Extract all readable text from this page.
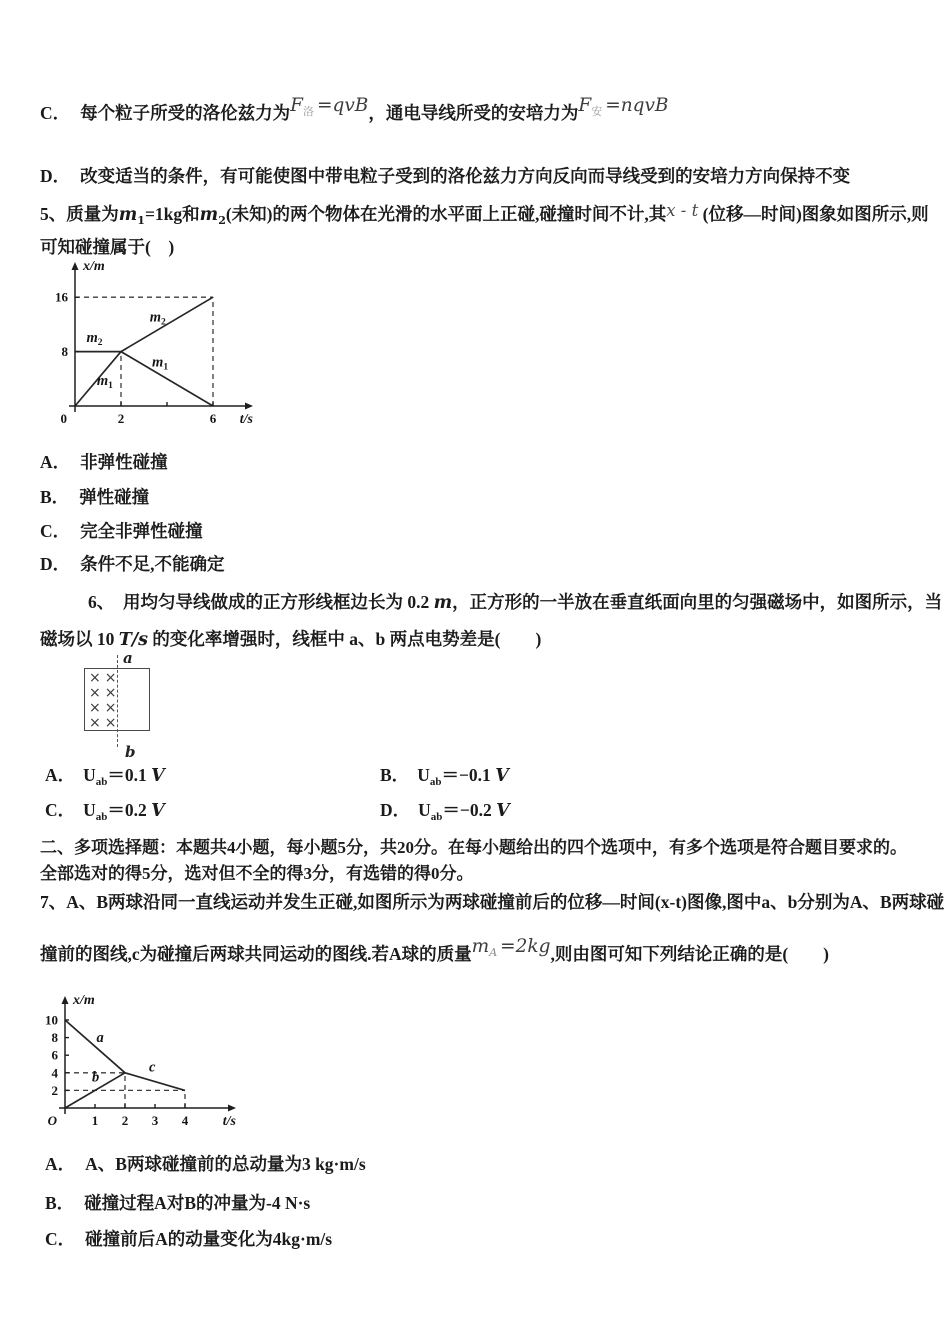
C． 每个粒子所受的洛伦兹力为$F_洛 =qvB$，通电导线所受的安培力为$F_安$ =nqvB
D． 改变适当的条件，有可能使图中带电粒子受到的洛伦兹力方向反向而导线受到的安培力方向保持不变
5、质量为$m_1=1kg$和$m_2$(未知)的两个物体在光滑的水平面上正碰,碰撞时间不计,其x - t (位移—时间)图象如图所示,则
可知碰撞属于(　)
2	6
8
16
0	t/s
x/m
$m_2$
$m_2$
$m_1$
$m_1$
A． 非弹性碰撞
B． 弹性碰撞
C． 完全非弹性碰撞
D． 条件不足,不能确定
6、　用均匀导线做成的正方形线框边长为 0.2 m，正方形的一半放在垂直纸面向里的匀强磁场中，如图所示，当
磁场以 10 T/s 的变化率增强时，线框中 a、b 两点电势差是(　　)
××
××
××
××
a
b
A． $U_{ab}=0.1$ V	B． $U_{ab}=-0.1$ V
C． $U_{ab}=0.2$ V	D． $U_{ab}=-0.2$ V
二、多项选择题：本题共4小题，每小题5分，共20分。在每小题给出的四个选项中，有多个选项是符合题目要求的。
全部选对的得5分，选对但不全的得3分，有选错的得0分。
7、A、B两球沿同一直线运动并发生正碰,如图所示为两球碰撞前后的位移—时间(x-t)图像,图中a、b分别为A、B两球碰
撞前的图线,c为碰撞后两球共同运动的图线.若A球的质量$m_A =2kg$,则由图可知下列结论正确的是(　　)
1 2 3 4
2
4
6
8
10
O	t/s
x/m
a
b
c
A． A、B两球碰撞前的总动量为3 kg·m/s
B． 碰撞过程A对B的冲量为-4 N·s
C． 碰撞前后A的动量变化为4kg·m/s
